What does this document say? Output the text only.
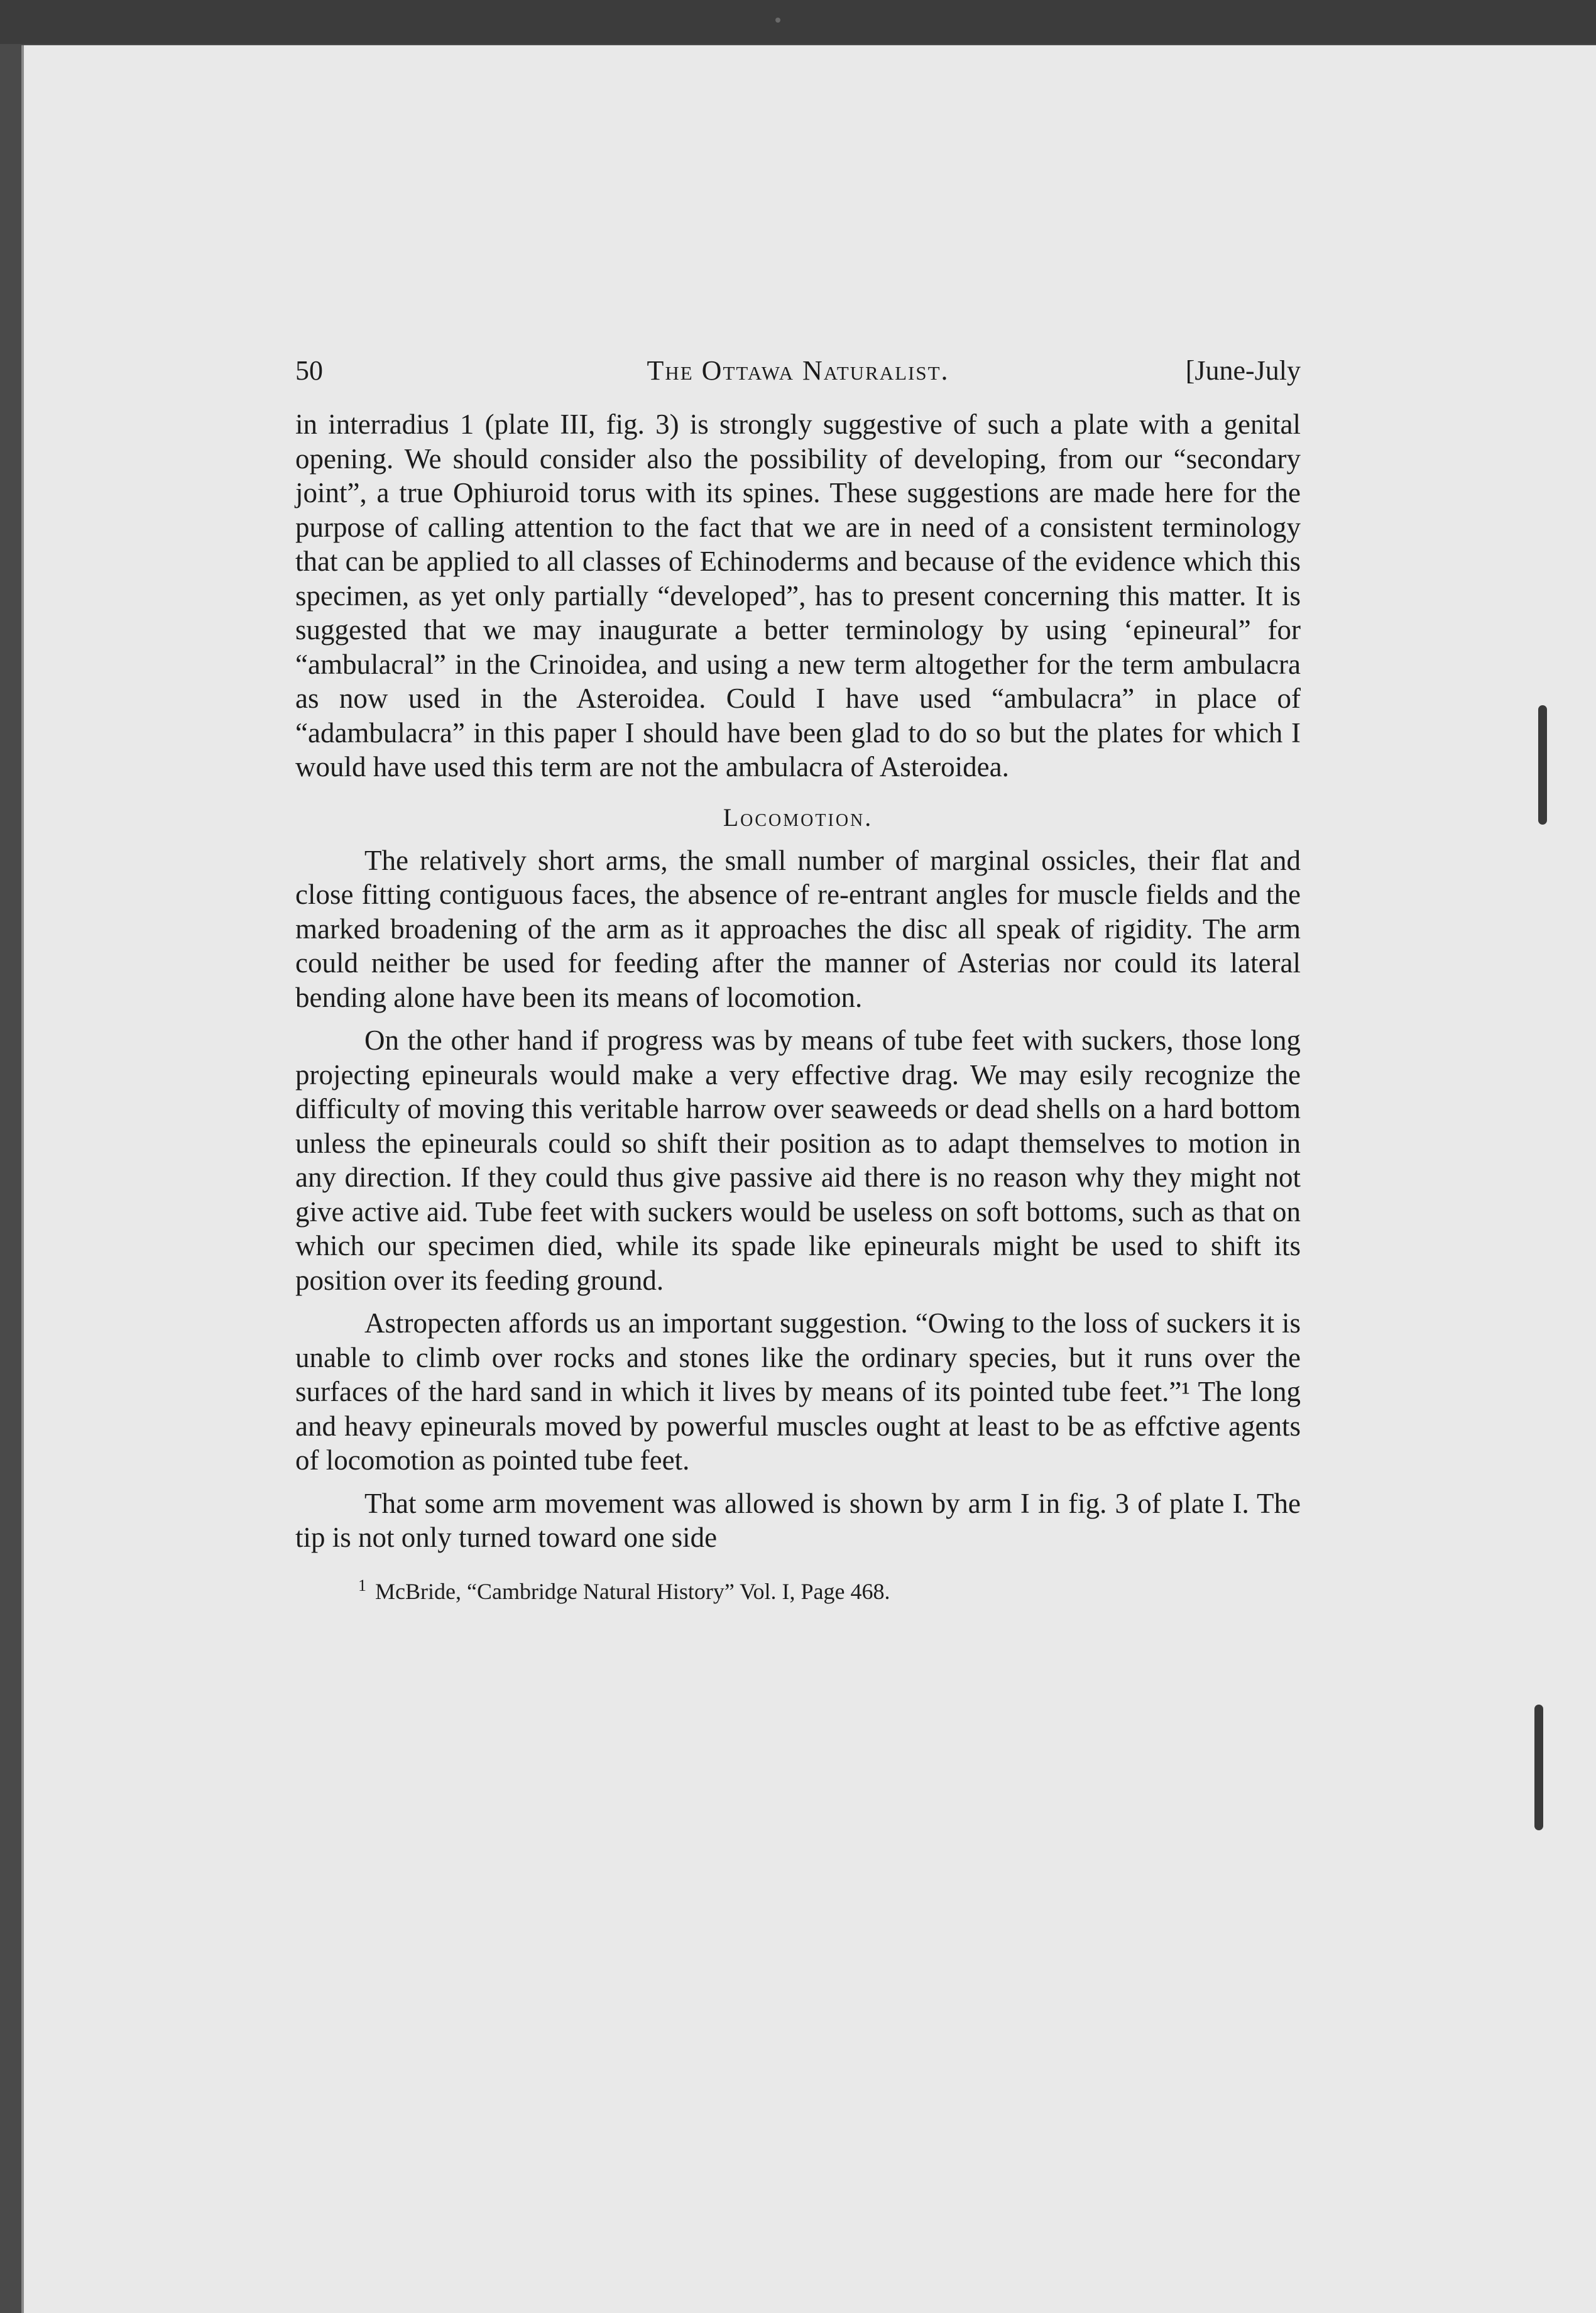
50	The Ottawa Naturalist.	[June-July

in interradius 1 (plate III, fig. 3) is strongly suggestive of such a plate with a genital opening. We should consider also the possibility of developing, from our “secondary joint”, a true Ophiuroid torus with its spines. These suggestions are made here for the purpose of calling attention to the fact that we are in need of a consistent terminology that can be applied to all classes of Echinoderms and because of the evidence which this specimen, as yet only partially “developed”, has to present concerning this matter. It is suggested that we may inaugurate a better terminology by using ‘epineural” for “ambulacral” in the Crinoidea, and using a new term altogether for the term ambulacra as now used in the Asteroidea. Could I have used “ambulacra” in place of “adambulacra” in this paper I should have been glad to do so but the plates for which I would have used this term are not the ambulacra of Asteroidea.

Locomotion.

The relatively short arms, the small number of marginal ossicles, their flat and close fitting contiguous faces, the absence of re-entrant angles for muscle fields and the marked broadening of the arm as it approaches the disc all speak of rigidity. The arm could neither be used for feeding after the manner of Asterias nor could its lateral bending alone have been its means of locomotion.

On the other hand if progress was by means of tube feet with suckers, those long projecting epineurals would make a very effective drag. We may esily recognize the difficulty of moving this veritable harrow over seaweeds or dead shells on a hard bottom unless the epineurals could so shift their position as to adapt themselves to motion in any direction. If they could thus give passive aid there is no reason why they might not give active aid. Tube feet with suckers would be useless on soft bottoms, such as that on which our specimen died, while its spade like epineurals might be used to shift its position over its feeding ground.

Astropecten affords us an important suggestion. “Owing to the loss of suckers it is unable to climb over rocks and stones like the ordinary species, but it runs over the surfaces of the hard sand in which it lives by means of its pointed tube feet.”¹ The long and heavy epineurals moved by powerful muscles ought at least to be as effctive agents of locomotion as pointed tube feet.

That some arm movement was allowed is shown by arm I in fig. 3 of plate I. The tip is not only turned toward one side

$^1$ McBride, “Cambridge Natural History” Vol. I, Page 468.
